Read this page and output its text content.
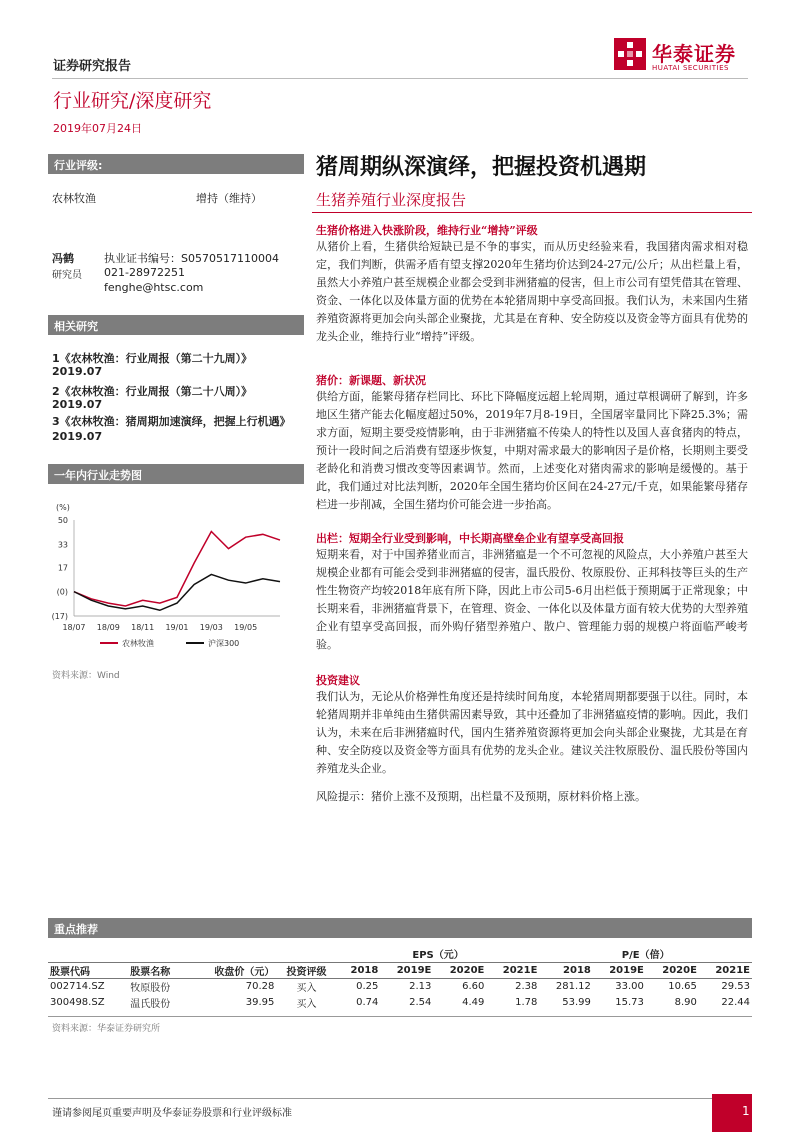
证券研究报告
行业研究/深度研究
2019年07月24日
华泰证券
HUATAI SECURITIES
行业评级:
农林牧渔	增持（维持）
冯鹤
研究员
执业证书编号：S0570517110004
021-28972251
fenghe@htsc.com
相关研究
1《农林牧渔：行业周报（第二十九周）》
2019.07
2《农林牧渔：行业周报（第二十八周）》
2019.07
3《农林牧渔：猪周期加速演绎，把握上行机遇》2019.07
一年内行业走势图
(%)
50
33
17
(0)
(17)
18/07 18/09 18/11 19/01 19/03 19/05
农林牧渔	沪深300
资料来源：Wind
猪周期纵深演绎，把握投资机遇期
生猪养殖行业深度报告
生猪价格进入快涨阶段，维持行业“增持”评级
从猪价上看，生猪供给短缺已是不争的事实，而从历史经验来看，我国猪肉需求相对稳定，我们判断，供需矛盾有望支撑2020年生猪均价达到24-27元/公斤；从出栏量上看，虽然大小养殖户甚至规模企业都会受到非洲猪瘟的侵害，但上市公司有望凭借其在管理、资金、一体化以及体量方面的优势在本轮猪周期中享受高回报。我们认为，未来国内生猪养殖资源将更加会向头部企业聚拢，尤其是在育种、安全防疫以及资金等方面具有优势的龙头企业，维持行业“增持”评级。
猪价：新课题、新状况
供给方面，能繁母猪存栏同比、环比下降幅度远超上轮周期，通过草根调研了解到，许多地区生猪产能去化幅度超过50%，2019年7月8-19日，全国屠宰量同比下降25.3%；需求方面，短期主要受疫情影响，由于非洲猪瘟不传染人的特性以及国人喜食猪肉的特点，预计一段时间之后消费有望逐步恢复，中期对需求最大的影响因子是价格，长期则主要受老龄化和消费习惯改变等因素调节。然而，上述变化对猪肉需求的影响是缓慢的。基于此，我们通过对比法判断，2020年全国生猪均价区间在24-27元/千克，如果能繁母猪存栏进一步削减，全国生猪均价可能会进一步抬高。
出栏：短期全行业受到影响，中长期高壁垒企业有望享受高回报
短期来看，对于中国养猪业而言，非洲猪瘟是一个不可忽视的风险点，大小养殖户甚至大规模企业都有可能会受到非洲猪瘟的侵害，温氏股份、牧原股份、正邦科技等巨头的生产性生物资产均较2018年底有所下降，因此上市公司5-6月出栏低于预期属于正常现象；中长期来看，非洲猪瘟背景下，在管理、资金、一体化以及体量方面有较大优势的大型养殖企业有望享受高回报，而外购仔猪型养殖户、散户、管理能力弱的规模户将面临严峻考验。
投资建议
我们认为，无论从价格弹性角度还是持续时间角度，本轮猪周期都要强于以往。同时，本轮猪周期并非单纯由生猪供需因素导致，其中还叠加了非洲猪瘟疫情的影响。因此，我们认为，未来在后非洲猪瘟时代，国内生猪养殖资源将更加会向头部企业聚拢，尤其是在育种、安全防疫以及资金等方面具有优势的龙头企业。建议关注牧原股份、温氏股份等国内养殖龙头企业。
风险提示：猪价上涨不及预期，出栏量不及预期，原材料价格上涨。
重点推荐
				EPS（元）				P/E（倍）			
股票代码	股票名称	收盘价（元）	投资评级	2018	2019E	2020E	2021E	2018	2019E	2020E	2021E
002714.SZ	牧原股份	70.28	买入	0.25	2.13	6.60	2.38	281.12	33.00	10.65	29.53
300498.SZ	温氏股份	39.95	买入	0.74	2.54	4.49	1.78	53.99	15.73	8.90	22.44
资料来源：华泰证券研究所
谨请参阅尾页重要声明及华泰证券股票和行业评级标准	1
